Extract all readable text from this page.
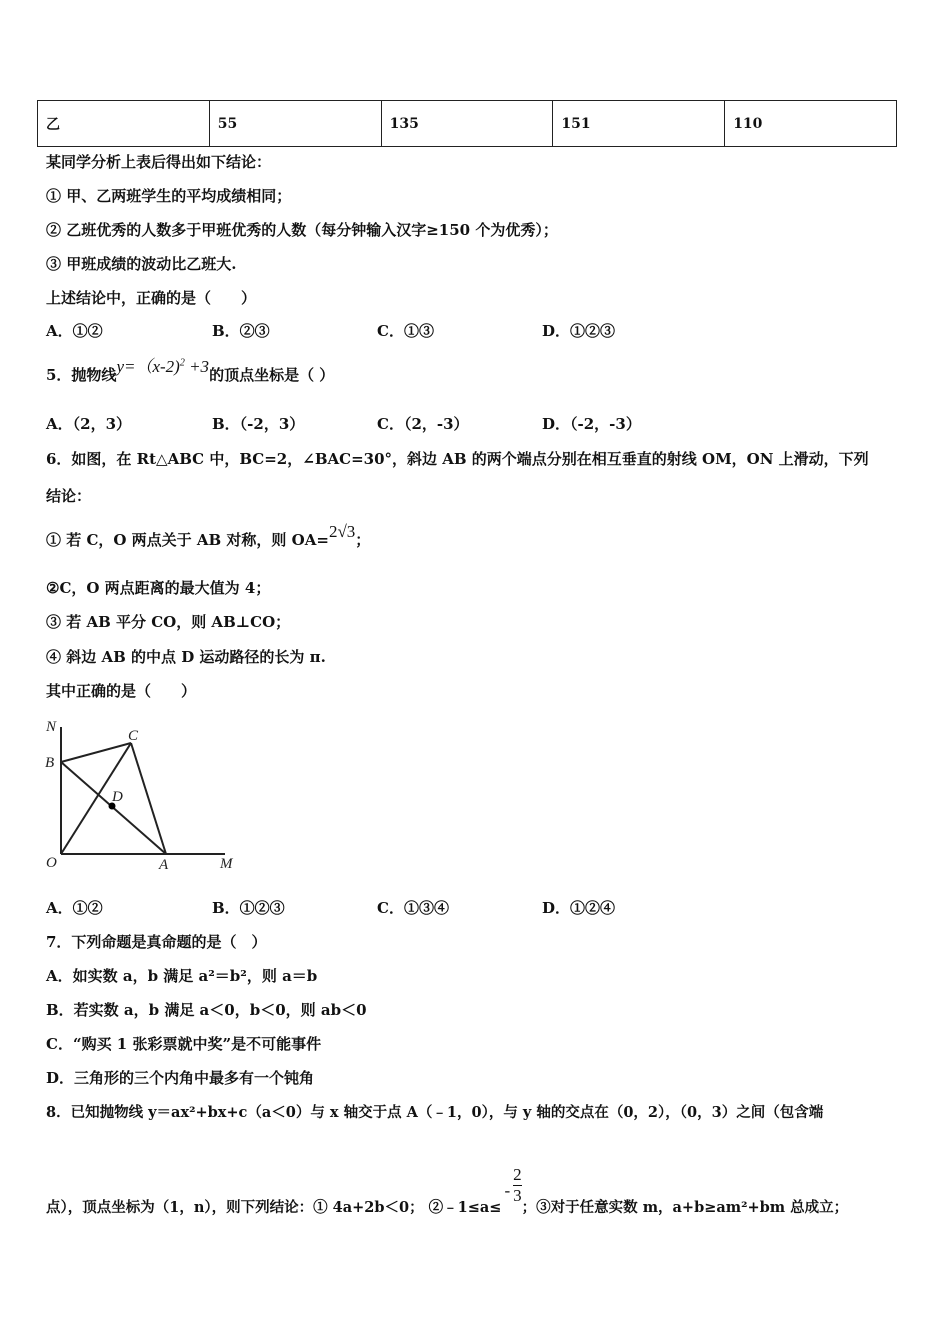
乙	55	135	151	110
某同学分析上表后得出如下结论：
① 甲、乙两班学生的平均成绩相同；
② 乙班优秀的人数多于甲班优秀的人数（每分钟输入汉字≥150 个为优秀）；
③ 甲班成绩的波动比乙班大.
上述结论中，正确的是（　　）
A．①②	B．②③	C．①③	D．①②③
5．抛物线y=（x-2)$^2$ +3的顶点坐标是（ ）
A．（2，3）	B．（-2，3）	C．（2，-3）	D．（-2，-3）
6．如图，在 Rt△ABC 中，BC=2，∠BAC=30°，斜边 AB 的两个端点分别在相互垂直的射线 OM，ON 上滑动，下列
结论：
① 若 C，O 两点关于 AB 对称，则 OA=2√3；
②C，O 两点距离的最大值为 4；
③ 若 AB 平分 CO，则 AB⊥CO；
④ 斜边 AB 的中点 D 运动路径的长为 π.
其中正确的是（　　）
N
C
B
D
O	A	M
A．①②	B．①②③	C．①③④	D．①②④
7．下列命题是真命题的是（　）
A．如实数 a，b 满足 a²＝b²，则 a＝b
B．若实数 a，b 满足 a＜0，b＜0，则 ab＜0
C．“购买 1 张彩票就中奖”是不可能事件
D．三角形的三个内角中最多有一个钝角
8．已知抛物线 y＝ax²+bx+c（a＜0）与 x 轴交于点 A（﹣1，0），与 y 轴的交点在（0，2），（0，3）之间（包含端
点），顶点坐标为（1，n），则下列结论：① 4a+2b＜0； ②﹣1≤a≤- $\frac{2}{3}$
；③对于任意实数 m，a+b≥am²+bm 总成立；
